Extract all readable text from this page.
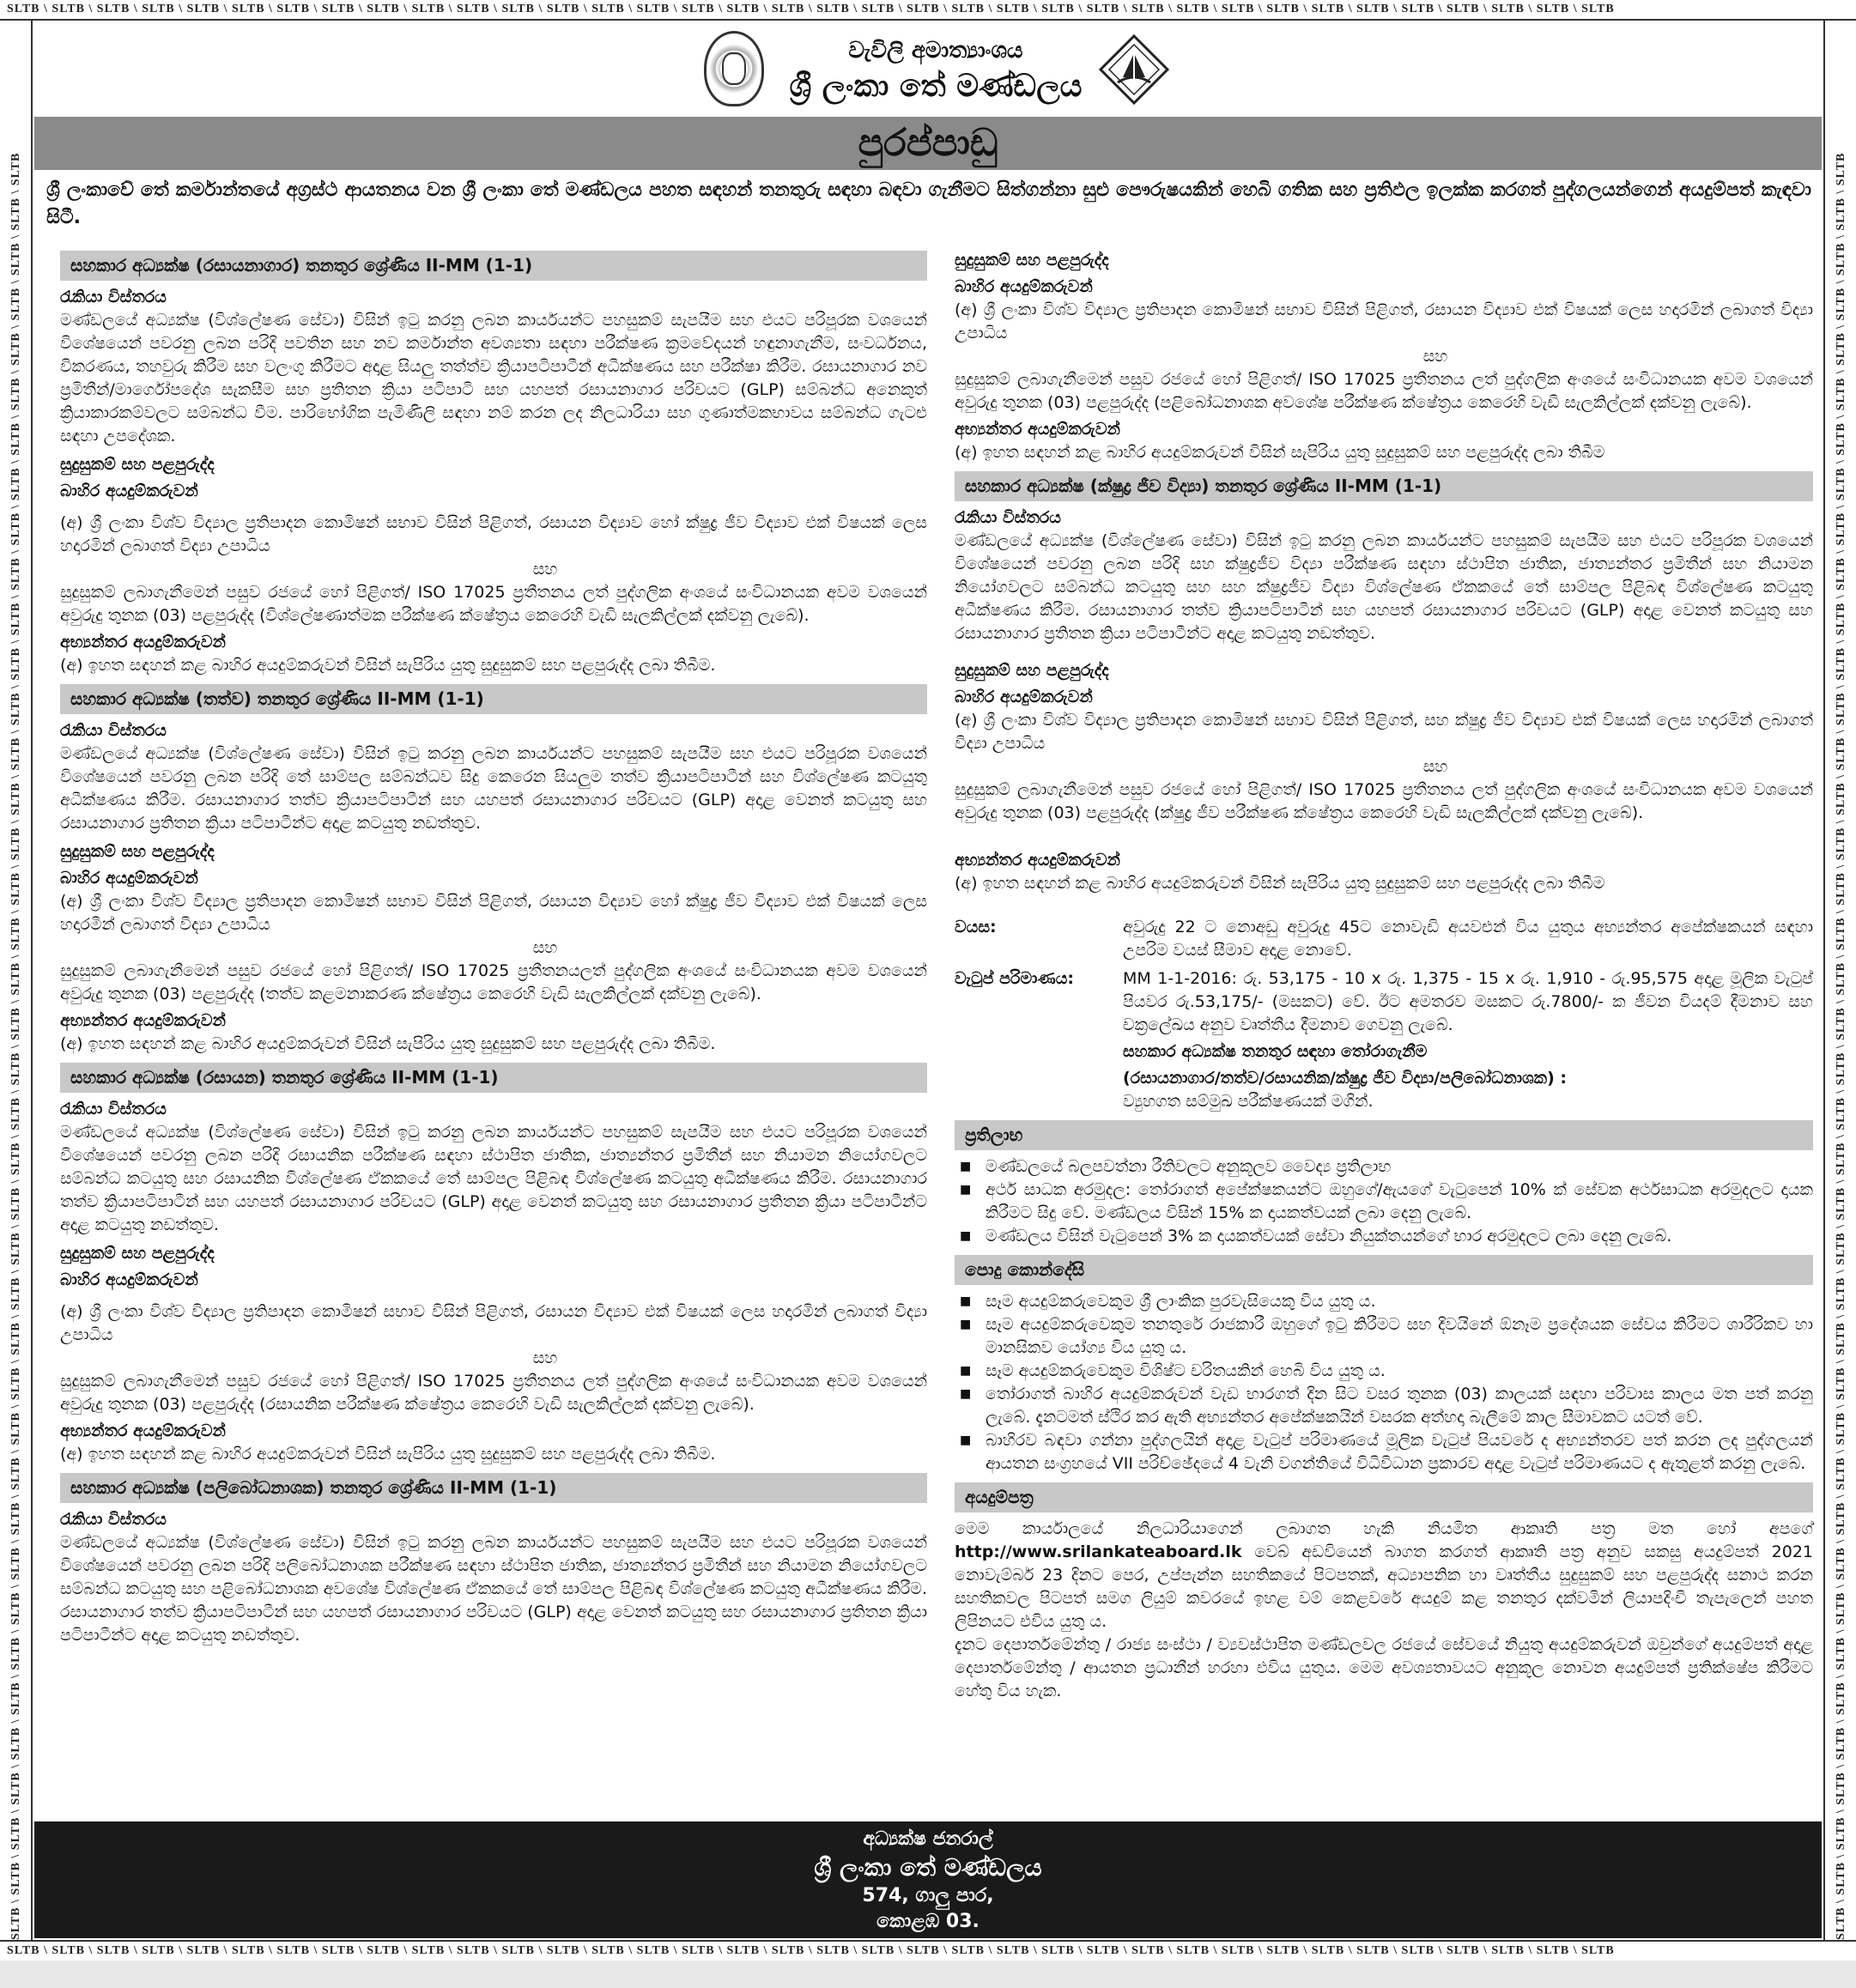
SLTB \ SLTB \ SLTB \ SLTB \ SLTB \ SLTB \ SLTB \ SLTB \ SLTB \ SLTB \ SLTB \ SLTB \ SLTB \ SLTB \ SLTB \ SLTB \ SLTB \ SLTB \ SLTB \ SLTB \ SLTB \ SLTB \ SLTB \ SLTB \ SLTB \ SLTB \ SLTB \ SLTB \ SLTB \ SLTB \ SLTB \ SLTB \ SLTB \ SLTB \ SLTB \ SLTB
SLTB \ SLTB \ SLTB \ SLTB \ SLTB \ SLTB \ SLTB \ SLTB \ SLTB \ SLTB \ SLTB \ SLTB \ SLTB \ SLTB \ SLTB \ SLTB \ SLTB \ SLTB \ SLTB \ SLTB \ SLTB \ SLTB \ SLTB \ SLTB \ SLTB \ SLTB \ SLTB \ SLTB \ SLTB \ SLTB \ SLTB \ SLTB \ SLTB \ SLTB \ SLTB \ SLTB
SLTB \ SLTB \ SLTB \ SLTB \ SLTB \ SLTB \ SLTB \ SLTB \ SLTB \ SLTB \ SLTB \ SLTB \ SLTB \ SLTB \ SLTB \ SLTB \ SLTB \ SLTB \ SLTB \ SLTB \ SLTB \ SLTB \ SLTB \ SLTB \ SLTB \ SLTB \ SLTB \ SLTB \ SLTB \ SLTB \ SLTB \ SLTB \ SLTB \ SLTB \ SLTB \ SLTB \ SLTB \ SLTB \ SLTB \ SLTB	SLTB \ SLTB \ SLTB \ SLTB \ SLTB \ SLTB \ SLTB \ SLTB \ SLTB \ SLTB \ SLTB \ SLTB \ SLTB \ SLTB \ SLTB \ SLTB \ SLTB \ SLTB \ SLTB \ SLTB \ SLTB \ SLTB \ SLTB \ SLTB \ SLTB \ SLTB \ SLTB \ SLTB \ SLTB \ SLTB \ SLTB \ SLTB \ SLTB \ SLTB \ SLTB \ SLTB \ SLTB \ SLTB \ SLTB \ SLTB
වැවිලි අමාත්‍යාංශය
ශ්‍රී ලංකා තේ මණ්ඩලය
පුරප්පාඩු
ශ්‍රී ලංකාවේ තේ කර්මාන්තයේ අග්‍රස්ථ ආයතනය වන ශ්‍රී ලංකා තේ මණ්ඩලය පහත සඳහන් තනතුරු සඳහා බඳවා ගැනීමට සිත්ගන්නා සුළු පෞරුෂයකින් හෙබි ගතික සහ ප්‍රතිඵල ඉලක්ක කරගත් පුද්ගලයන්ගෙන් අයදුම්පත් කැඳවා සිටී.
සහකාර අධ්‍යක්ෂ (රසායනාගාර) තනතුර ශ්‍රේණිය II-MM (1-1)
රැකියා විස්තරය
මණ්ඩලයේ අධ්‍යක්ෂ (විශ්ලේෂණ සේවා) විසින් ඉටු කරනු ලබන කාර්යයන්ට පහසුකම් සැපයීම සහ එයට පරිපූරක වශයෙන් විශේෂයෙන් පවරනු ලබන පරිදි පවතින සහ නව කර්මාන්ත අවශ්‍යතා සඳහා පරීක්ෂණ ක්‍රමවේදයන් හඳුනාගැනීම, සංවර්ධනය, විකරණය, තහවුරු කිරීම සහ වලංගු කිරීමට අදාළ සියලු තත්ත්ව ක්‍රියාපටිපාටීන් අධීක්ෂණය සහ පරීක්ෂා කිරීම. රසායනාගාර නව ප්‍රමිතීන්/මාර්ගෝපදේශ සැකසීම සහ ප්‍රතිතන ක්‍රියා පටිපාටි සහ යහපත් රසායනාගාර පරිචයට (GLP) සම්බන්ධ අනෙකුත් ක්‍රියාකාරකම්වලට සම්බන්ධ වීම. පාරිභෝගික පැමිණිලි සඳහා නම් කරන ලද නිලධාරියා සහ ගුණාත්මකභාවය සම්බන්ධ ගැටළු සඳහා උපදේශක.
සුදුසුකම් සහ පළපුරුද්ද
බාහිර අයදුම්කරුවන්
(අ) ශ්‍රී ලංකා විශ්ව විද්‍යාල ප්‍රතිපාදන කොමිෂන් සභාව විසින් පිළිගත්, රසායන විද්‍යාව හෝ ක්ෂුද්‍ර ජීව විද්‍යාව එක් විෂයක් ලෙස හදාරමින් ලබාගත් විද්‍යා උපාධිය
සහ
සුදුසුකම් ලබාගැනීමෙන් පසුව රජයේ හෝ පිළිගත්/ ISO 17025 ප්‍රතීතනය ලත් පුද්ගලික අංශයේ සංවිධානයක අවම වශයෙන් අවුරුදු තුනක (03) පළපුරුද්ද (විශ්ලේෂණාත්මක පරීක්ෂණ ක්ෂේත්‍රය කෙරෙහි වැඩි සැලකිල්ලක් දක්වනු ලැබේ).
අභ්‍යන්තර අයදුම්කරුවන්
(අ) ඉහත සඳහන් කළ බාහිර අයදුම්කරුවන් විසින් සැපිරිය යුතු සුදුසුකම් සහ පළපුරුද්ද ලබා තිබීම.
සහකාර අධ්‍යක්ෂ (තත්ව) තනතුර ශ්‍රේණිය II-MM (1-1)
රැකියා විස්තරය
මණ්ඩලයේ අධ්‍යක්ෂ (විශ්ලේෂණ සේවා) විසින් ඉටු කරනු ලබන කාර්යයන්ට පහසුකම් සැපයීම සහ එයට පරිපූරක වශයෙන් විශේෂයෙන් පවරනු ලබන පරිදි තේ සාම්පල සම්බන්ධව සිදු කෙරෙන සියලුම තත්ව ක්‍රියාපටිපාටීන් සහ විශ්ලේෂණ කටයුතු අධීක්ෂණය කිරීම. රසායනාගාර තත්ව ක්‍රියාපටිපාටීන් සහ යහපත් රසායනාගාර පරිචයට (GLP) අදාළ වෙනත් කටයුතු සහ රසායනාගාර ප්‍රතිතන ක්‍රියා පටිපාටීන්ට අදාළ කටයුතු නඩත්තුව.
සුදුසුකම් සහ පළපුරුද්ද
බාහිර අයදුම්කරුවන්
(අ) ශ්‍රී ලංකා විශ්ව විද්‍යාල ප්‍රතිපාදන කොමිෂන් සභාව විසින් පිළිගත්, රසායන විද්‍යාව හෝ ක්ෂුද්‍ර ජීව විද්‍යාව එක් විෂයක් ලෙස හදාරමින් ලබාගත් විද්‍යා උපාධිය
සහ
සුදුසුකම් ලබාගැනීමෙන් පසුව රජයේ හෝ පිළිගත්/ ISO 17025 ප්‍රතීතනයලත් පුද්ගලික අංශයේ සංවිධානයක අවම වශයෙන් අවුරුදු තුනක (03) පළපුරුද්ද (තත්ව කළමනාකරණ ක්ෂේත්‍රය කෙරෙහි වැඩි සැලකිල්ලක් දක්වනු ලැබේ).
අභ්‍යන්තර අයදුම්කරුවන්
(අ) ඉහත සඳහන් කළ බාහිර අයදුම්කරුවන් විසින් සැපිරිය යුතු සුදුසුකම් සහ පළපුරුද්ද ලබා තිබීම.
සහකාර අධ්‍යක්ෂ (රසායන) තනතුර ශ්‍රේණිය II-MM (1-1)
රැකියා විස්තරය
මණ්ඩලයේ අධ්‍යක්ෂ (විශ්ලේෂණ සේවා) විසින් ඉටු කරනු ලබන කාර්යයන්ට පහසුකම් සැපයීම සහ එයට පරිපූරක වශයෙන් විශේෂයෙන් පවරනු ලබන පරිදි රසායනික පරීක්ෂණ සඳහා ස්ථාපිත ජාතික, ජාත්‍යන්තර ප්‍රමිතීන් සහ නියාමන නියෝගවලට සම්බන්ධ කටයුතු සහ රසායනික විශ්ලේෂණ ඒකකයේ තේ සාම්පල පිළිබඳ විශ්ලේෂණ කටයුතු අධීක්ෂණය කිරීම. රසායනාගාර තත්ව ක්‍රියාපටිපාටීන් සහ යහපත් රසායනාගාර පරිචයට (GLP) අදාළ වෙනත් කටයුතු සහ රසායනාගාර ප්‍රතිතන ක්‍රියා පටිපාටීන්ට අදාළ කටයුතු නඩත්තුව.
සුදුසුකම් සහ පළපුරුද්ද
බාහිර අයදුම්කරුවන්
(අ) ශ්‍රී ලංකා විශ්ව විද්‍යාල ප්‍රතිපාදන කොමිෂන් සභාව විසින් පිළිගත්, රසායන විද්‍යාව එක් විෂයක් ලෙස හදාරමින් ලබාගත් විද්‍යා උපාධිය
සහ
සුදුසුකම් ලබාගැනීමෙන් පසුව රජයේ හෝ පිළිගත්/ ISO 17025 ප්‍රතීතනය ලත් පුද්ගලික අංශයේ සංවිධානයක අවම වශයෙන් අවුරුදු තුනක (03) පළපුරුද්ද (රසායනික පරීක්ෂණ ක්ෂේත්‍රය කෙරෙහි වැඩි සැලකිල්ලක් දක්වනු ලැබේ).
අභ්‍යන්තර අයදුම්කරුවන්
(අ) ඉහත සඳහන් කළ බාහිර අයදුම්කරුවන් විසින් සැපිරිය යුතු සුදුසුකම් සහ පළපුරුද්ද ලබා තිබීම.
සහකාර අධ්‍යක්ෂ (පලිබෝධනාශක) තනතුර ශ්‍රේණිය II-MM (1-1)
රැකියා විස්තරය
මණ්ඩලයේ අධ්‍යක්ෂ (විශ්ලේෂණ සේවා) විසින් ඉටු කරනු ලබන කාර්යයන්ට පහසුකම් සැපයීම සහ එයට පරිපූරක වශයෙන් විශේෂයෙන් පවරනු ලබන පරිදි පලිබෝධනාශක පරීක්ෂණ සඳහා ස්ථාපිත ජාතික, ජාත්‍යන්තර ප්‍රමිතීන් සහ නියාමන නියෝගවලට සම්බන්ධ කටයුතු සහ පළිබෝධනාශක අවශේෂ විශ්ලේෂණ ඒකකයේ තේ සාම්පල පිළිබඳ විශ්ලේෂණ කටයුතු අධීක්ෂණය කිරීම. රසායනාගාර තත්ව ක්‍රියාපටිපාටීන් සහ යහපත් රසායනාගාර පරිචයට (GLP) අදාළ වෙනත් කටයුතු සහ රසායනාගාර ප්‍රතිතන ක්‍රියා පටිපාටීන්ට අදාළ කටයුතු නඩත්තුව.
සුදුසුකම් සහ පළපුරුද්ද
බාහිර අයදුම්කරුවන්
(අ) ශ්‍රී ලංකා විශ්ව විද්‍යාල ප්‍රතිපාදන කොමිෂන් සභාව විසින් පිළිගත්, රසායන විද්‍යාව එක් විෂයක් ලෙස හදාරමින් ලබාගත් විද්‍යා උපාධිය
සහ
සුදුසුකම් ලබාගැනීමෙන් පසුව රජයේ හෝ පිළිගත්/ ISO 17025 ප්‍රතීතනය ලත් පුද්ගලික අංශයේ සංවිධානයක අවම වශයෙන් අවුරුදු තුනක (03) පළපුරුද්ද (පළිබෝධනාශක අවශේෂ පරීක්ෂණ ක්ෂේත්‍රය කෙරෙහි වැඩි සැලකිල්ලක් දක්වනු ලැබේ).
අභ්‍යන්තර අයදුම්කරුවන්
(අ) ඉහත සඳහන් කළ බාහිර අයදුම්කරුවන් විසින් සැපිරිය යුතු සුදුසුකම් සහ පළපුරුද්ද ලබා තිබීම
සහකාර අධ්‍යක්ෂ (ක්ෂුද්‍ර ජීව විද්‍යා) තනතුර ශ්‍රේණිය II-MM (1-1)
රැකියා විස්තරය
මණ්ඩලයේ අධ්‍යක්ෂ (විශ්ලේෂණ සේවා) විසින් ඉටු කරනු ලබන කාර්යයන්ට පහසුකම් සැපයීම සහ එයට පරිපූරක වශයෙන් විශේෂයෙන් පවරනු ලබන පරිදි සහ ක්ෂුද්‍රජීව විද්‍යා පරීක්ෂණ සඳහා ස්ථාපිත ජාතික, ජාත්‍යන්තර ප්‍රමිතීන් සහ නියාමන නියෝගවලට සම්බන්ධ කටයුතු සහ සහ ක්ෂුද්‍රජීව විද්‍යා විශ්ලේෂණ ඒකකයේ තේ සාම්පල පිළිබඳ විශ්ලේෂණ කටයුතු අධීක්ෂණය කිරීම. රසායනාගාර තත්ව ක්‍රියාපටිපාටීන් සහ යහපත් රසායනාගාර පරිචයට (GLP) අදාළ වෙනත් කටයුතු සහ රසායනාගාර ප්‍රතිතන ක්‍රියා පටිපාටීන්ට අදාළ කටයුතු නඩත්තුව.
සුදුසුකම් සහ පළපුරුද්ද
බාහිර අයදුම්කරුවන්
(අ) ශ්‍රී ලංකා විශ්ව විද්‍යාල ප්‍රතිපාදන කොමිෂන් සභාව විසින් පිළිගත්, සහ ක්ෂුද්‍ර ජීව විද්‍යාව එක් විෂයක් ලෙස හදාරමින් ලබාගත් විද්‍යා උපාධිය
සහ
සුදුසුකම් ලබාගැනීමෙන් පසුව රජයේ හෝ පිළිගත්/ ISO 17025 ප්‍රතීතනය ලත් පුද්ගලික අංශයේ සංවිධානයක අවම වශයෙන් අවුරුදු තුනක (03) පළපුරුද්ද (ක්ෂුද්‍ර ජීව පරීක්ෂණ ක්ෂේත්‍රය කෙරෙහි වැඩි සැලකිල්ලක් දක්වනු ලැබේ).
අභ්‍යන්තර අයදුම්කරුවන්
(අ) ඉහත සඳහන් කළ බාහිර අයදුම්කරුවන් විසින් සැපිරිය යුතු සුදුසුකම් සහ පළපුරුද්ද ලබා තිබීම
වයස:	අවුරුදු 22 ට නොඅඩු අවුරුදු 45ට නොවැඩි අයවළුන් විය යුතුය අභ්‍යන්තර අපේක්ෂකයන් සඳහා උපරිම වයස් සීමාව අදාළ නොවේ.
වැටුප් පරිමාණය:	MM 1-1-2016: රු. 53,175 - 10 x රු. 1,375 - 15 x රු. 1,910 - රු.95,575 අදාළ මූලික වැටුප් පියවර රු.53,175/- (මසකට) වේ. ඊට අමතරව මසකට රු.7800/- ක ජීවන වියදම් දීමනාව සහ චක්‍රලේඛය අනුව වෘත්තීය දීමනාව ගෙවනු ලැබේ.
සහකාර අධ්‍යක්ෂ තනතුර සඳහා තෝරාගැනීම
(රසායනාගාර/තත්ව/රසායනික/ක්ෂුද්‍ර ජීව විද්‍යා/පලිබෝධනාශක) :
ව්‍යුහගත සම්මුඛ පරීක්ෂණයක් මගින්.
ප්‍රතිලාභ
■ මණ්ඩලයේ බලපවත්නා රීතිවලට අනුකූලව වෛද්‍ය ප්‍රතිලාභ
■ අර්ථ සාධක අරමුදල: තෝරාගත් අපේක්ෂකයන්ට ඔහුගේ/ඇයගේ වැටුපෙන් 10% ක් සේවක අර්ථසාධක අරමුදලට දායක කිරීමට සිදු වේ. මණ්ඩලය විසින් 15% ක දායකත්වයක් ලබා දෙනු ලැබේ.
■ මණ්ඩලය විසින් වැටුපෙන් 3% ක දායකත්වයක් සේවා නියුක්තයන්ගේ භාර අරමුදලට ලබා දෙනු ලැබේ.
පොදු කොන්දේසි
■ සෑම අයදුම්කරුවෙකුම ශ්‍රී ලාංකික පුරවැසියෙකු විය යුතු ය.
■ සෑම අයදුම්කරුවෙකුම තනතුරේ රාජකාරී ඔහුගේ ඉටු කිරීමට සහ දිවයිනේ ඕනෑම ප්‍රදේශයක සේවය කිරීමට ශාරීරිකව හා මානසිකව යෝග්‍ය විය යුතු ය.
■ සෑම අයදුම්කරුවෙකුම විශිෂ්ට චරිතයකින් හෙබි විය යුතු ය.
■ තෝරාගත් බාහිර අයදුම්කරුවන් වැඩ භාරගත් දින සිට වසර තුනක (03) කාලයක් සඳහා පරිවාස කාලය මත පත් කරනු ලැබේ. දැනටමත් ස්ථිර කර ඇති අභ්‍යන්තර අපේක්ෂකයින් වසරක අත්හදා බැලීමේ කාල සීමාවකට යටත් වේ.
■ බාහිරව බඳවා ගන්නා පුද්ගලයින් අදාළ වැටුප් පරිමාණයේ මූලික වැටුප් පියවරේ ද අභ්‍යන්තරව පත් කරන ලද පුද්ගලයන් ආයතන සංග්‍රහයේ VII පරිච්ඡේදයේ 4 වැනි වගන්තියේ විධිවිධාන ප්‍රකාරව අදාළ වැටුප් පරිමාණයට ද ඇතුළත් කරනු ලැබේ.
අයදුම්පත්‍ර
මෙම කාර්යාලයේ නිලධාරියාගෙන් ලබාගත හැකි නියමිත ආකෘති පත්‍ර මත හෝ අපගේ http://www.srilankateaboard.lk වෙබ් අඩවියෙන් බාගත කරගත් ආකෘති පත්‍ර අනුව සකසු අයදුම්පත් 2021 නොවැම්බර් 23 දිනට පෙර, උප්පැන්න සහතිකයේ පිටපතක්, අධ්‍යාපනික හා වෘත්තීය සුදුසුකම් සහ පළපුරුද්ද සනාථ කරන සහතිකවල පිටපත් සමග ලියුම් කවරයේ ඉහළ වම් කෙළවරේ අයදුම් කළ තනතුර දක්වමින් ලියාපදිංචි තැපැලෙන් පහත ලිපිනයට එවිය යුතු ය.
දැනට දෙපාර්තමේන්තු / රාජ්‍ය සංස්ථා / ව්‍යවස්ථාපිත මණ්ඩලවල රජයේ සේවයේ නියුතු අයදුම්කරුවන් ඔවුන්ගේ අයදුම්පත් අදාළ දෙපාර්තමේන්තු / ආයතන ප්‍රධානීන් හරහා එවිය යුතුය. මෙම අවශ්‍යතාවයට අනුකූල නොවන අයදුම්පත් ප්‍රතික්ෂේප කිරීමට හේතු විය හැක.
අධ්‍යක්ෂ ජනරාල්
ශ්‍රී ලංකා තේ මණ්ඩලය
574, ගාලු පාර,
කොළඹ 03.
